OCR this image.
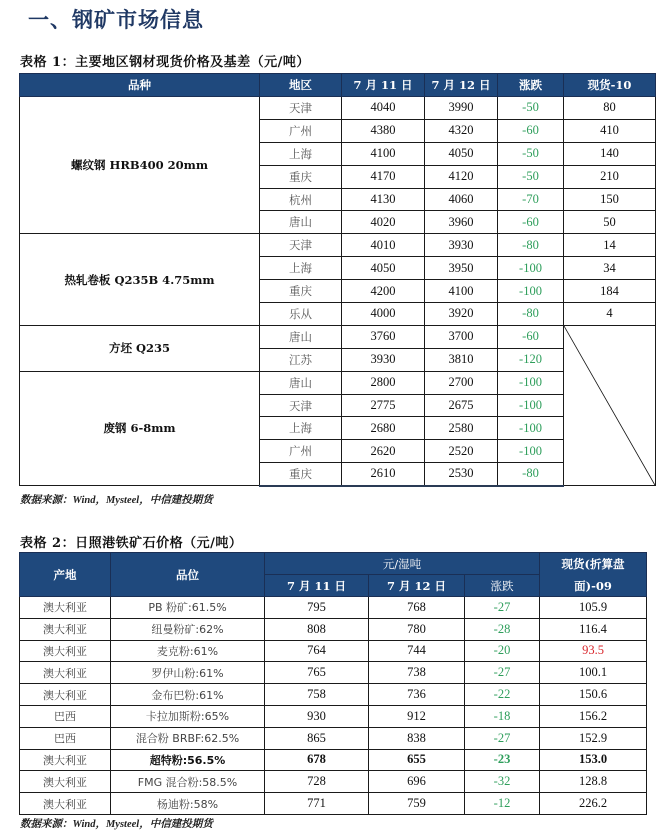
一、钢矿市场信息
表格 1：主要地区钢材现货价格及基差（元/吨）
品种	地区	7 月 11 日	7 月 12 日	涨跌	现货-10
螺纹钢 HRB400 20mm	天津	4040	3990	-50	80
	广州	4380	4320	-60	410
	上海	4100	4050	-50	140
	重庆	4170	4120	-50	210
	杭州	4130	4060	-70	150
	唐山	4020	3960	-60	50
热轧卷板 Q235B 4.75mm	天津	4010	3930	-80	14
	上海	4050	3950	-100	34
	重庆	4200	4100	-100	184
	乐从	4000	3920	-80	4
方坯 Q235	唐山	3760	3700	-60	

	江苏	3930	3810	-120	
废钢 6-8mm	唐山	2800	2700	-100	
	天津	2775	2675	-100	
	上海	2680	2580	-100	
	广州	2620	2520	-100	
	重庆	2610	2530	-80	
数据来源：Wind，Mysteel，中信建投期货
表格 2：日照港铁矿石价格（元/吨）
产地	品位	元/湿吨			现货(折算盘
面)-09

		7 月 11 日	7 月 12 日	涨跌	
澳大利亚	PB 粉矿:61.5%	795	768	-27	105.9
澳大利亚	纽曼粉矿:62%	808	780	-28	116.4
澳大利亚	麦克粉:61%	764	744	-20	93.5
澳大利亚	罗伊山粉:61%	765	738	-27	100.1
澳大利亚	金布巴粉:61%	758	736	-22	150.6
巴西	卡拉加斯粉:65%	930	912	-18	156.2
巴西	混合粉 BRBF:62.5%	865	838	-27	152.9
澳大利亚	超特粉:56.5%	678	655	-23	153.0
澳大利亚	FMG 混合粉:58.5%	728	696	-32	128.8
澳大利亚	杨迪粉:58%	771	759	-12	226.2
数据来源：Wind，Mysteel，中信建投期货
